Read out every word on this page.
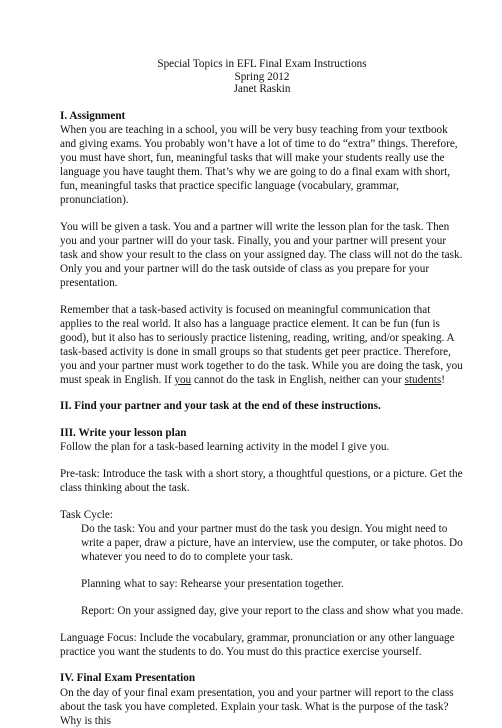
Special Topics in EFL Final Exam Instructions
Spring 2012
Janet Raskin
I. Assignment

When you are teaching in a school, you will be very busy teaching from your textbook and giving exams. You probably won’t have a lot of time to do “extra” things. Therefore, you must have short, fun, meaningful tasks that will make your students really use the language you have taught them. That’s why we are going to do a final exam with short, fun, meaningful tasks that practice specific language (vocabulary, grammar, pronunciation).

You will be given a task. You and a partner will write the lesson plan for the task. Then you and your partner will do your task. Finally, you and your partner will present your task and show your result to the class on your assigned day. The class will not do the task. Only you and your partner will do the task outside of class as you prepare for your presentation.

Remember that a task-based activity is focused on meaningful communication that applies to the real world. It also has a language practice element. It can be fun (fun is good), but it also has to seriously practice listening, reading, writing, and/or speaking. A task-based activity is done in small groups so that students get peer practice. Therefore, you and your partner must work together to do the task. While you are doing the task, you must speak in English. If you cannot do the task in English, neither can your students!

II. Find your partner and your task at the end of these instructions.
III. Write your lesson plan

Follow the plan for a task-based learning activity in the model I give you.

Pre-task: Introduce the task with a short story, a thoughtful questions, or a picture. Get the class thinking about the task.

Task Cycle:

Do the task: You and your partner must do the task you design. You might need to write a paper, draw a picture, have an interview, use the computer, or take photos. Do whatever you need to do to complete your task.

Planning what to say: Rehearse your presentation together.

Report: On your assigned day, give your report to the class and show what you made.

Language Focus: Include the vocabulary, grammar, pronunciation or any other language practice you want the students to do. You must do this practice exercise yourself.

IV. Final Exam Presentation

On the day of your final exam presentation, you and your partner will report to the class about the task you have completed. Explain your task. What is the purpose of the task? Why is this
